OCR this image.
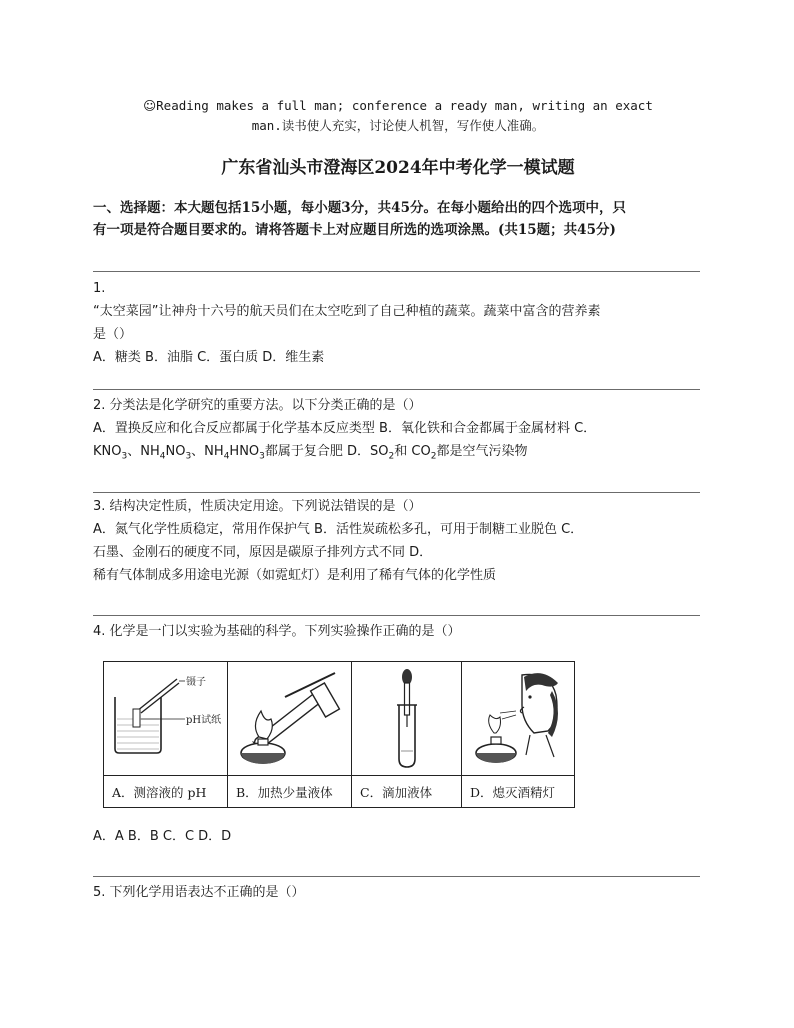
☺Reading makes a full man; conference a ready man, writing an exact
man.读书使人充实，讨论使人机智，写作使人准确。
广东省汕头市澄海区2024年中考化学一模试题
一、选择题：本大题包括15小题，每小题3分，共45分。在每小题给出的四个选项中，只
有一项是符合题目要求的。请将答题卡上对应题目所选的选项涂黑。(共15题；共45分)

1.

“太空菜园”让神舟十六号的航天员们在太空吃到了自己种植的蔬菜。蔬菜中富含的营养素

是（）

A．糖类 B．油脂 C．蛋白质 D．维生素

2. 分类法是化学研究的重要方法。以下分类正确的是（）

A．置换反应和化合反应都属于化学基本反应类型 B．氧化铁和合金都属于金属材料 C．

$KNO_3$、$NH_4NO_3$、$NH_4HNO_3$都属于复合肥 D．$SO_2$和 $CO_2$都是空气污染物

3. 结构决定性质，性质决定用途。下列说法错误的是（）

A．氮气化学性质稳定，常用作保护气 B．活性炭疏松多孔，可用于制糖工业脱色 C．

石墨、金刚石的硬度不同，原因是碳原子排列方式不同 D．

稀有气体制成多用途电光源（如霓虹灯）是利用了稀有气体的化学性质

4. 化学是一门以实验为基础的科学。下列实验操作正确的是（）

镊子
pH试纸

A．测溶液的 pH	B．加热少量液体	C．滴加液体	D．熄灭酒精灯

A．A B．B C．C D．D

5. 下列化学用语表达不正确的是（）
